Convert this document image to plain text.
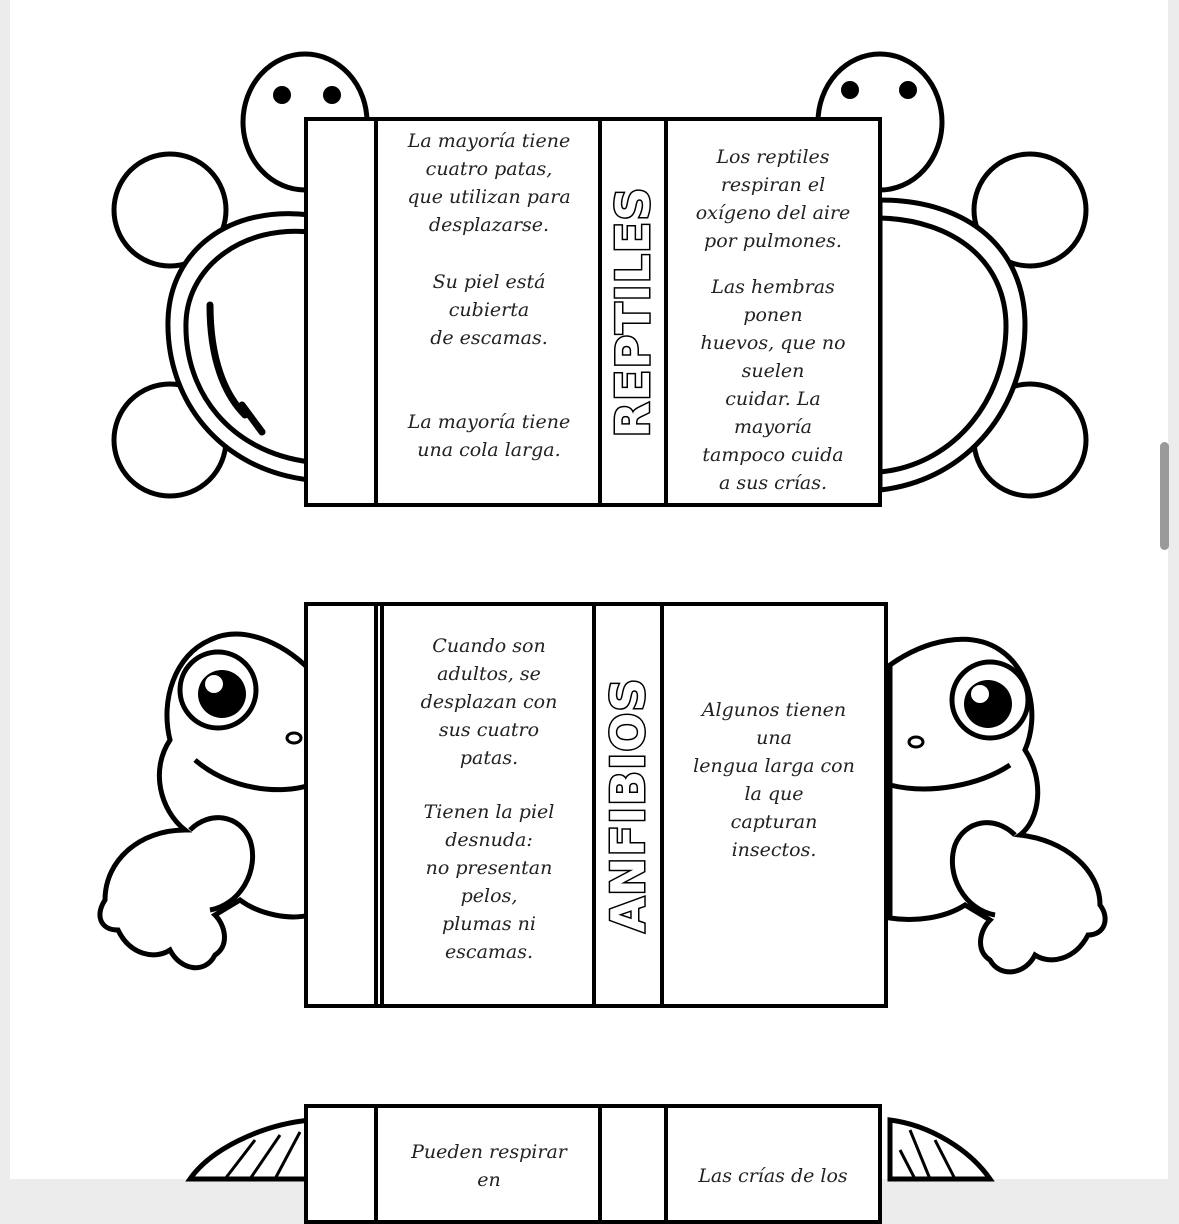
La mayoría tiene
cuatro patas,
que utilizan para
desplazarse.
Su piel está
cubierta
de escamas.
La mayoría tiene
una cola larga.
REPTILES
Los reptiles
respiran el
oxígeno del aire
por pulmones.
Las hembras
ponen
huevos, que no
suelen
cuidar. La
mayoría
tampoco cuida
a sus crías.
Cuando son
adultos, se
desplazan con
sus cuatro
patas.
Tienen la piel
desnuda:
no presentan
pelos,
plumas ni
escamas.
ANFIBIOS	Algunos tienen
una
lengua larga con
la que
capturan
insectos.
Pueden respirar
en	Las crías de los
